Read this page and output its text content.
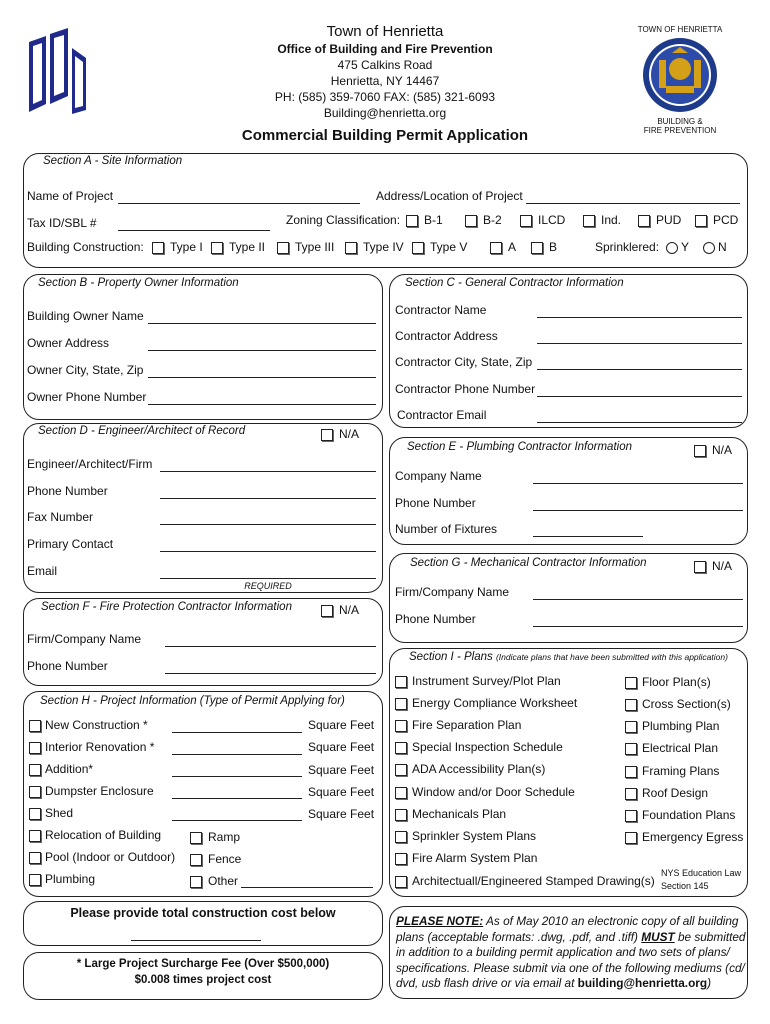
Town of Henrietta
Office of Building and Fire Prevention
475 Calkins Road
Henrietta, NY 14467
PH: (585) 359-7060 FAX: (585) 321-6093
Building@henrietta.org
Commercial Building Permit Application
TOWN OF HENRIETTA
BUILDING &
FIRE PREVENTION
Section A - Site Information
Name of Project	Address/Location of Project
Tax ID/SBL #	Zoning Classification: B-1	B-2	ILCD	Ind.	PUD	PCD
Building Construction: Type I Type II Type III Type IV Type V	A	B	Sprinklered: Y N
Section B - Property Owner Information
Building Owner Name
Owner Address
Owner City, State, Zip
Owner Phone Number
Section C - General Contractor Information
Contractor Name
Contractor Address
Contractor City, State, Zip
Contractor Phone Number
Contractor Email
Section D - Engineer/Architect of Record	N/A
Engineer/Architect/Firm
Phone Number
Fax Number
Primary Contact
Email
REQUIRED
Section E - Plumbing Contractor Information	N/A
Company Name
Phone Number
Number of Fixtures
Section G - Mechanical Contractor Information	N/A
Firm/Company Name
Phone Number
Section F - Fire Protection Contractor Information	N/A
Firm/Company Name
Phone Number
Section H - Project Information (Type of Permit Applying for)
New Construction *	Square Feet
Interior Renovation *	Square Feet
Addition*	Square Feet
Dumpster Enclosure	Square Feet
Shed	Square Feet
Relocation of Building	Ramp
Pool (Indoor or Outdoor)	Fence
Plumbing	Other
Section I - Plans (Indicate plans that have been submitted with this application)
Instrument Survey/Plot Plan
Energy Compliance Worksheet
Fire Separation Plan
Special Inspection Schedule
ADA Accessibility Plan(s)
Window and/or Door Schedule
Mechanicals Plan
Sprinkler System Plans
Fire Alarm System Plan
Architectuall/Engineered Stamped Drawing(s)
Floor Plan(s)
Cross Section(s)
Plumbing Plan
Electrical Plan
Framing Plans
Roof Design
Foundation Plans
Emergency Egress
NYS Education Law
Section 145
Please provide total construction cost below
* Large Project Surcharge Fee (Over $500,000)
$0.008 times project cost
PLEASE NOTE: As of May 2010 an electronic copy of all building plans (acceptable formats: .dwg, .pdf, and .tiff) MUST be submitted in addition to a building permit application and two sets of plans/ specifications. Please submit via one of the following mediums (cd/ dvd, usb flash drive or via email at building@henrietta.org)
